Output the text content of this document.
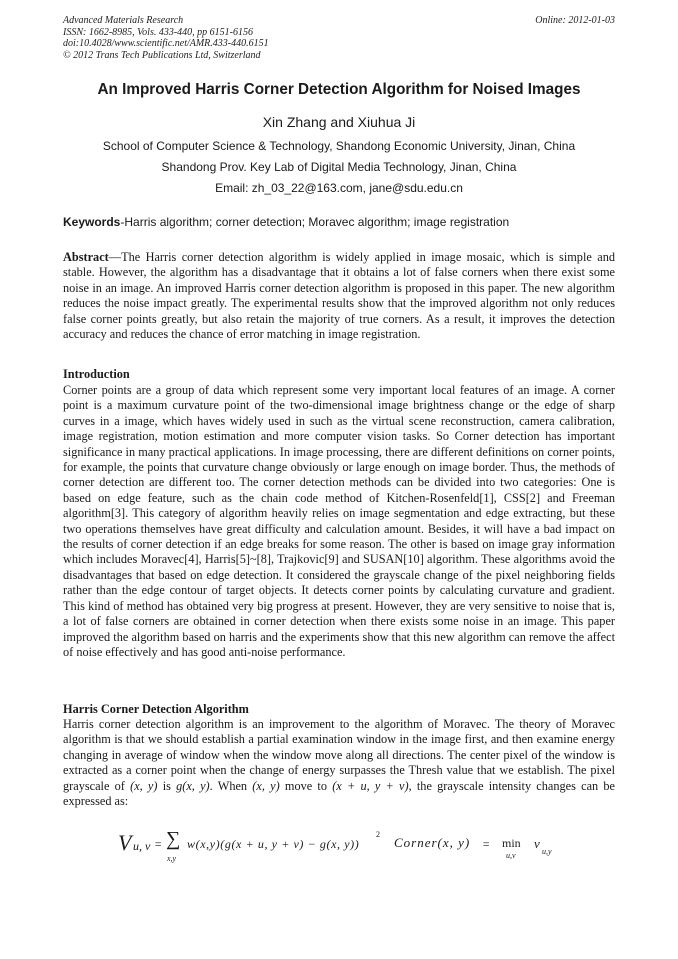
Advanced Materials Research
ISSN: 1662-8985, Vols. 433-440, pp 6151-6156
doi:10.4028/www.scientific.net/AMR.433-440.6151
© 2012 Trans Tech Publications Ltd, Switzerland
Online: 2012-01-03
An Improved Harris Corner Detection Algorithm for Noised Images
Xin Zhang and Xiuhua Ji
School of Computer Science & Technology, Shandong Economic University, Jinan, China
Shandong Prov. Key Lab of Digital Media Technology, Jinan, China
Email: zh_03_22@163.com, jane@sdu.edu.cn
Keywords-Harris algorithm; corner detection; Moravec algorithm; image registration
Abstract—The Harris corner detection algorithm is widely applied in image mosaic, which is simple and stable. However, the algorithm has a disadvantage that it obtains a lot of false corners when there exist some noise in an image. An improved Harris corner detection algorithm is proposed in this paper. The new algorithm reduces the noise impact greatly. The experimental results show that the improved algorithm not only reduces false corner points greatly, but also retain the majority of true corners. As a result, it improves the detection accuracy and reduces the chance of error matching in image registration.
Introduction
Corner points are a group of data which represent some very important local features of an image. A corner point is a maximum curvature point of the two-dimensional image brightness change or the edge of sharp curves in a image, which haves widely used in such as the virtual scene reconstruction, camera calibration, image registration, motion estimation and more computer vision tasks. So Corner detection has important significance in many practical applications. In image processing, there are different definitions on corner points, for example, the points that curvature change obviously or large enough on image border. Thus, the methods of corner detection are different too. The corner detection methods can be divided into two categories: One is based on edge feature, such as the chain code method of Kitchen-Rosenfeld[1], CSS[2] and Freeman algorithm[3]. This category of algorithm heavily relies on image segmentation and edge extracting, but these two operations themselves have great difficulty and calculation amount. Besides, it will have a bad impact on the results of corner detection if an edge breaks for some reason. The other is based on image gray information which includes Moravec[4], Harris[5]~[8], Trajkovic[9] and SUSAN[10] algorithm. These algorithms avoid the disadvantages that based on edge detection. It considered the grayscale change of the pixel neighboring fields rather than the edge contour of target objects. It detects corner points by calculating curvature and gradient. This kind of method has obtained very big progress at present. However, they are very sensitive to noise that is, a lot of false corners are obtained in corner detection when there exists some noise in an image. This paper improved the algorithm based on harris and the experiments show that this new algorithm can remove the affect of noise effectively and has good anti-noise performance.
Harris Corner Detection Algorithm
Harris corner detection algorithm is an improvement to the algorithm of Moravec. The theory of Moravec algorithm is that we should establish a partial examination window in the image first, and then examine energy changing in average of window when the window move along all directions. The center pixel of the window is extracted as a corner point when the change of energy surpasses the Thresh value that we establish. The pixel grayscale of (x, y) is g(x, y). When (x, y) move to (x + u, y + v), the grayscale intensity changes can be expressed as:
V u, v = ∑
x,y
w(x,y)(g(x + u, y + v) − g(x, y))
2
Corner(x, y) = min
u,v
v
u,y
